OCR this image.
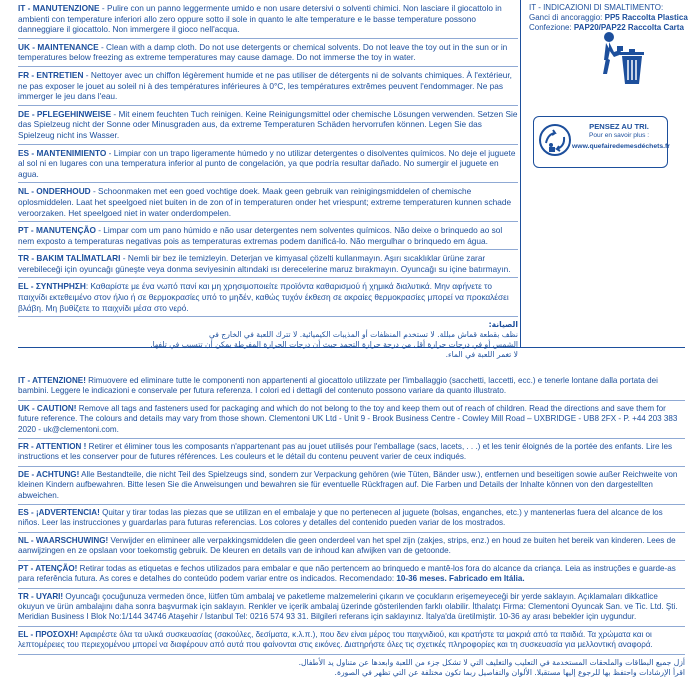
IT - MANUTENZIONE - Pulire con un panno leggermente umido e non usare detersivi o solventi chimici. Non lasciare il giocattolo in ambienti con temperature inferiori allo zero oppure sotto il sole in quanto le alte temperature e le basse temperature possono danneggiare il giocattolo. Non immergere il gioco nell'acqua.

UK - MAINTENANCE - Clean with a damp cloth. Do not use detergents or chemical solvents. Do not leave the toy out in the sun or in temperatures below freezing as extreme temperatures may cause damage. Do not immerse the toy in water.

FR - ENTRETIEN - Nettoyer avec un chiffon légèrement humide et ne pas utiliser de détergents ni de solvants chimiques. À l'extérieur, ne pas exposer le jouet au soleil ni à des températures inférieures à 0°C, les températures extrêmes peuvent l'endommager. Ne pas immerger le jeu dans l'eau.

DE - PFLEGEHINWEISE - Mit einem feuchten Tuch reinigen. Keine Reinigungsmittel oder chemische Lösungen verwenden. Setzen Sie das Spielzeug nicht der Sonne oder Minusgraden aus, da extreme Temperaturen Schäden hervorrufen können. Legen Sie das Spielzeug nicht ins Wasser.

ES - MANTENIMIENTO - Limpiar con un trapo ligeramente húmedo y no utilizar detergentes o disolventes químicos. No deje el juguete al sol ni en lugares con una temperatura inferior al punto de congelación, ya que podría resultar dañado. No sumergir el juguete en agua.

NL - ONDERHOUD - Schoonmaken met een goed vochtige doek. Maak geen gebruik van reinigingsmiddelen of chemische oplosmiddelen. Laat het speelgoed niet buiten in de zon of in temperaturen onder het vriespunt; extreme temperaturen kunnen schade veroorzaken. Het speelgoed niet in water onderdompelen.

PT - MANUTENÇÃO - Limpar com um pano húmido e não usar detergentes nem solventes químicos. Não deixe o brinquedo ao sol nem exposto a temperaturas negativas pois as temperaturas extremas podem danificá-lo. Não mergulhar o brinquedo em água.

TR - BAKIM TALİMATLARI - Nemli bir bez ile temizleyin. Deterjan ve kimyasal çözelti kullanmayın. Aşırı sıcaklıklar ürüne zarar verebileceği için oyuncağı güneşte veya donma seviyesinin altındaki ısı derecelerine maruz bırakmayın. Oyuncağı su içine batırmayın.

EL - ΣΥΝΤΗΡΗΣΗ: Καθαρίστε με ένα νωπό πανί και μη χρησιμοποιείτε προϊόντα καθαρισμού ή χημικά διαλυτικά. Μην αφήνετε το παιχνίδι εκτεθειμένο στον ήλιο ή σε θερμοκρασίες υπό το μηδέν, καθώς τυχόν έκθεση σε ακραίες θερμοκρασίες μπορεί να προκαλέσει βλάβη. Μη βυθίζετε το παιχνίδι μέσα στο νερό.

الصيانة:
نظف بقطعة قماش مبللة. لا تستخدم المنظفات أو المذيبات الكيميائية. لا تترك اللعبة في الخارج في
الشمس أو في درجات حرارة أقل من درجة حرارة التجمد حيث أن درجات الحرارة المفرطة يمكن أن تتسبب في تلفها.
لا تغمر اللعبة في الماء.
IT - INDICAZIONI DI SMALTIMENTO:
Ganci di ancoraggio: PP5 Raccolta Plastica
Confezione: PAP20/PAP22 Raccolta Carta
PENSEZ AU TRI.
Pour en savoir plus :
www.quefairedemesdéchets.fr

IT - ATTENZIONE! Rimuovere ed eliminare tutte le componenti non appartenenti al giocattolo utilizzate per l'imballaggio (sacchetti, laccetti, ecc.) e tenerle lontane dalla portata dei bambini. Leggere le indicazioni e conservale per futura referenza. I colori ed i dettagli del contenuto possono variare da quanto illustrato.

UK - CAUTION! Remove all tags and fasteners used for packaging and which do not belong to the toy and keep them out of reach of children. Read the directions and save them for future reference. The colours and details may vary from those shown. Clementoni UK Ltd - Unit 9 - Brook Business Centre - Cowley Mill Road – UXBRIDGE - UB8 2FX - P. +44 203 383 2020 - uk@clementoni.com.

FR - ATTENTION ! Retirer et éliminer tous les composants n'appartenant pas au jouet utilisés pour l'emballage (sacs, lacets, . . .) et les tenir éloignés de la portée des enfants. Lire les instructions et les conserver pour de futures références. Les couleurs et le détail du contenu peuvent varier de ceux indiqués.

DE - ACHTUNG! Alle Bestandteile, die nicht Teil des Spielzeugs sind, sondern zur Verpackung gehören (wie Tüten, Bänder usw.), entfernen und beseitigen sowie außer Reichweite von kleinen Kindern aufbewahren. Bitte lesen Sie die Anweisungen und bewahren sie für eventuelle Rückfragen auf. Die Farben und Details der Inhalte können von den dargestellten abweichen.

ES - ¡ADVERTENCIA! Quitar y tirar todas las piezas que se utilizan en el embalaje y que no pertenecen al juguete (bolsas, enganches, etc.) y mantenerlas fuera del alcance de los niños. Leer las instrucciones y guardarlas para futuras referencias. Los colores y detalles del contenido pueden variar de los mostrados.

NL - WAARSCHUWING! Verwijder en elimineer alle verpakkingsmiddelen die geen onderdeel van het spel zijn (zakjes, strips, enz.) en houd ze buiten het bereik van kinderen. Lees de aanwijzingen en ze opslaan voor toekomstig gebruik. De kleuren en details van de inhoud kan afwijken van de getoonde.

PT - ATENÇÃO! Retirar todas as etiquetas e fechos utilizados para embalar e que não pertencem ao brinquedo e mantê-los fora do alcance da criança. Leia as instruções e guarde-as para referência futura. As cores e detalhes do conteúdo podem variar entre os indicados. Recomendado: 10-36 meses. Fabricado em Itália.

TR - UYARI! Oyuncağı çocuğunuza vermeden önce, lütfen tüm ambalaj ve paketleme malzemelerini çıkarın ve çocukların erişemeyeceği bir yerde saklayın. Açıklamaları dikkatlice okuyun ve ürün ambalajını daha sonra başvurmak için saklayın. Renkler ve içerik ambalaj üzerinde gösterilenden farklı olabilir. İthalatçı Firma: Clementoni Oyuncak San. ve Tic. Ltd. Şti. Meridian Business I Blok No:1/144 34746 Ataşehir / İstanbul Tel: 0216 574 93 31. Bilgileri referans için saklayınız. İtalya'da üretilmiştir. 10-36 ay arası bebekler için uygundur.

EL - ΠΡΟΣΟΧΗ! Αφαιρέστε όλα τα υλικά συσκευασίας (σακούλες, δεσίματα, κ.λ.π.), που δεν είναι μέρος του παιχνιδιού, και κρατήστε τα μακριά από τα παιδιά. Τα χρώματα και οι λεπτομέρειες του περιεχομένου μπορεί να διαφέρουν από αυτά που φαίνονται στις εικόνες. Διατηρήστε όλες τις σχετικές πληροφορίες και τη συσκευασία για μελλοντική αναφορά.

أزل جميع البطاقات والملحقات المستخدمة في التعليب والتغليف التي لا تشكل جزء من اللعبة وابعدها عن متناول يد الأطفال.
اقرأ الإرشادات واحتفظ بها للرجوع إليها مستقبلا. الألوان والتفاصيل ربما تكون مختلفة عن التي تظهر في الصورة.
